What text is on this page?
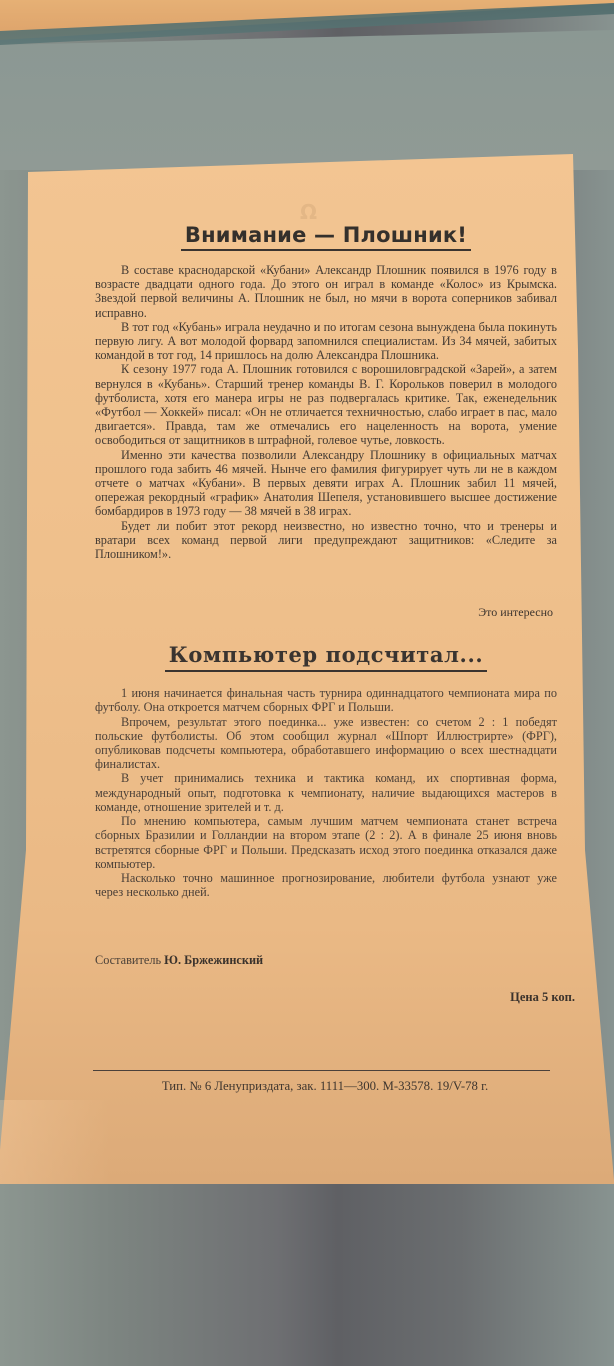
Ω
Внимание — Плошник!

В составе краснодарской «Кубани» Александр Плошник появился в 1976 году в возрасте двадцати одного года. До этого он играл в команде «Колос» из Крымска. Звездой первой величины А. Плошник не был, но мячи в ворота соперников забивал исправно.

В тот год «Кубань» играла неудачно и по итогам сезона вынуждена была покинуть первую лигу. А вот молодой форвард запомнился специалистам. Из 34 мячей, забитых командой в тот год, 14 пришлось на долю Александра Плошника.

К сезону 1977 года А. Плошник готовился с ворошиловградской «Зарей», а затем вернулся в «Кубань». Старший тренер команды В. Г. Корольков поверил в молодого футболиста, хотя его манера игры не раз подвергалась критике. Так, еженедельник «Футбол — Хоккей» писал: «Он не отличается техничностью, слабо играет в пас, мало двигается». Правда, там же отмечались его нацеленность на ворота, умение освободиться от защитников в штрафной, голевое чутье, ловкость.

Именно эти качества позволили Александру Плошнику в официальных матчах прошлого года забить 46 мячей. Нынче его фамилия фигурирует чуть ли не в каждом отчете о матчах «Кубани». В первых девяти играх А. Плошник забил 11 мячей, опережая рекордный «график» Анатолия Шепеля, установившего высшее достижение бомбардиров в 1973 году — 38 мячей в 38 играх.

Будет ли побит этот рекорд неизвестно, но известно точно, что и тренеры и вратари всех команд первой лиги предупреждают защитников: «Следите за Плошником!».

Это интересно
Компьютер подсчитал...

1 июня начинается финальная часть турнира одиннадцатого чемпионата мира по футболу. Она откроется матчем сборных ФРГ и Польши.

Впрочем, результат этого поединка... уже известен: со счетом 2 : 1 победят польские футболисты. Об этом сообщил журнал «Шпорт Иллюстрирте» (ФРГ), опубликовав подсчеты компьютера, обработавшего информацию о всех шестнадцати финалистах.

В учет принимались техника и тактика команд, их спортивная форма, международный опыт, подготовка к чемпионату, наличие выдающихся мастеров в команде, отношение зрителей и т. д.

По мнению компьютера, самым лучшим матчем чемпионата станет встреча сборных Бразилии и Голландии на втором этапе (2 : 2). А в финале 25 июня вновь встретятся сборные ФРГ и Польши. Предсказать исход этого поединка отказался даже компьютер.

Насколько точно машинное прогнозирование, любители футбола узнают уже через несколько дней.

Составитель Ю. Бржежинский
Цена 5 коп.
Тип. № 6 Ленуприздата, зак. 1111—300. М-33578. 19/V-78 г.
